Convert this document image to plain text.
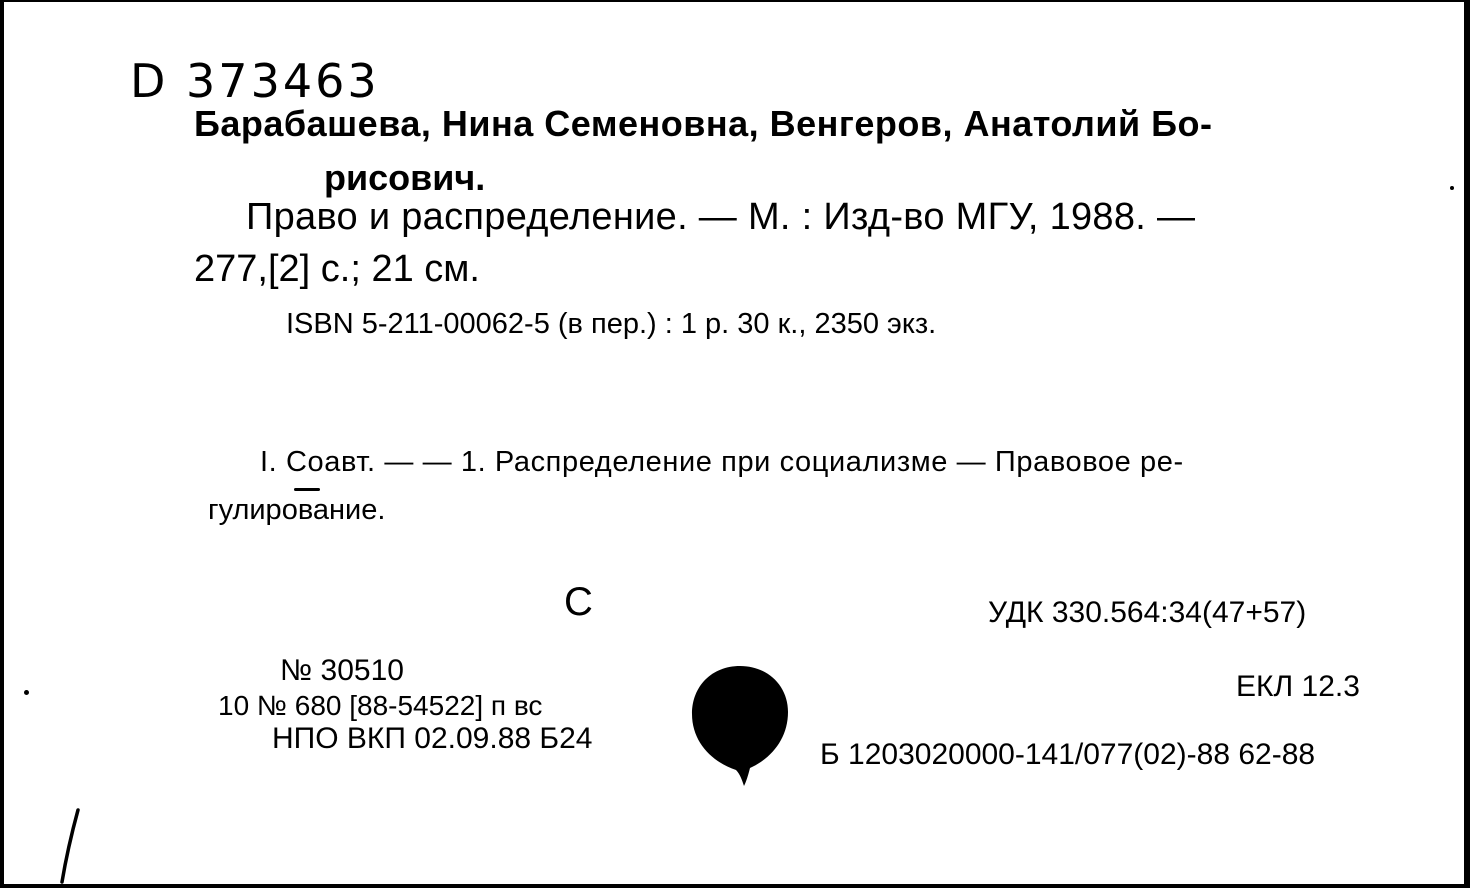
D 373463
Барабашева, Нина Семеновна, Венгеров, Анатолий Бо-
рисович.
Право и распределение. — М. : Изд-во МГУ, 1988. —
277,[2] с.; 21 см.
ISBN 5-211-00062-5 (в пер.) : 1 р. 30 к., 2350 экз.
I. Соавт. — — 1. Распределение при социализме — Правовое ре-
гулирование.
С	УДК 330.564:34(47+57)
№ 30510
10 № 680 [88-54522] п вс
НПО ВКП 02.09.88 Б24
ЕКЛ 12.3
Б 1203020000-141/077(02)-88 62-88
